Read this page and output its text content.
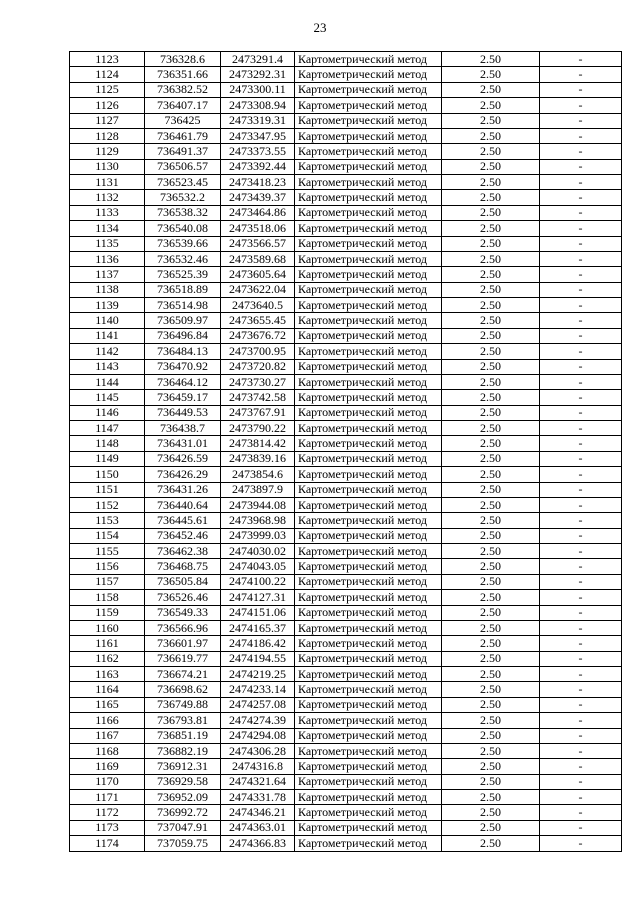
23
1123	736328.6	2473291.4	Картометрический метод	2.50	-
1124	736351.66	2473292.31	Картометрический метод	2.50	-
1125	736382.52	2473300.11	Картометрический метод	2.50	-
1126	736407.17	2473308.94	Картометрический метод	2.50	-
1127	736425	2473319.31	Картометрический метод	2.50	-
1128	736461.79	2473347.95	Картометрический метод	2.50	-
1129	736491.37	2473373.55	Картометрический метод	2.50	-
1130	736506.57	2473392.44	Картометрический метод	2.50	-
1131	736523.45	2473418.23	Картометрический метод	2.50	-
1132	736532.2	2473439.37	Картометрический метод	2.50	-
1133	736538.32	2473464.86	Картометрический метод	2.50	-
1134	736540.08	2473518.06	Картометрический метод	2.50	-
1135	736539.66	2473566.57	Картометрический метод	2.50	-
1136	736532.46	2473589.68	Картометрический метод	2.50	-
1137	736525.39	2473605.64	Картометрический метод	2.50	-
1138	736518.89	2473622.04	Картометрический метод	2.50	-
1139	736514.98	2473640.5	Картометрический метод	2.50	-
1140	736509.97	2473655.45	Картометрический метод	2.50	-
1141	736496.84	2473676.72	Картометрический метод	2.50	-
1142	736484.13	2473700.95	Картометрический метод	2.50	-
1143	736470.92	2473720.82	Картометрический метод	2.50	-
1144	736464.12	2473730.27	Картометрический метод	2.50	-
1145	736459.17	2473742.58	Картометрический метод	2.50	-
1146	736449.53	2473767.91	Картометрический метод	2.50	-
1147	736438.7	2473790.22	Картометрический метод	2.50	-
1148	736431.01	2473814.42	Картометрический метод	2.50	-
1149	736426.59	2473839.16	Картометрический метод	2.50	-
1150	736426.29	2473854.6	Картометрический метод	2.50	-
1151	736431.26	2473897.9	Картометрический метод	2.50	-
1152	736440.64	2473944.08	Картометрический метод	2.50	-
1153	736445.61	2473968.98	Картометрический метод	2.50	-
1154	736452.46	2473999.03	Картометрический метод	2.50	-
1155	736462.38	2474030.02	Картометрический метод	2.50	-
1156	736468.75	2474043.05	Картометрический метод	2.50	-
1157	736505.84	2474100.22	Картометрический метод	2.50	-
1158	736526.46	2474127.31	Картометрический метод	2.50	-
1159	736549.33	2474151.06	Картометрический метод	2.50	-
1160	736566.96	2474165.37	Картометрический метод	2.50	-
1161	736601.97	2474186.42	Картометрический метод	2.50	-
1162	736619.77	2474194.55	Картометрический метод	2.50	-
1163	736674.21	2474219.25	Картометрический метод	2.50	-
1164	736698.62	2474233.14	Картометрический метод	2.50	-
1165	736749.88	2474257.08	Картометрический метод	2.50	-
1166	736793.81	2474274.39	Картометрический метод	2.50	-
1167	736851.19	2474294.08	Картометрический метод	2.50	-
1168	736882.19	2474306.28	Картометрический метод	2.50	-
1169	736912.31	2474316.8	Картометрический метод	2.50	-
1170	736929.58	2474321.64	Картометрический метод	2.50	-
1171	736952.09	2474331.78	Картометрический метод	2.50	-
1172	736992.72	2474346.21	Картометрический метод	2.50	-
1173	737047.91	2474363.01	Картометрический метод	2.50	-
1174	737059.75	2474366.83	Картометрический метод	2.50	-
